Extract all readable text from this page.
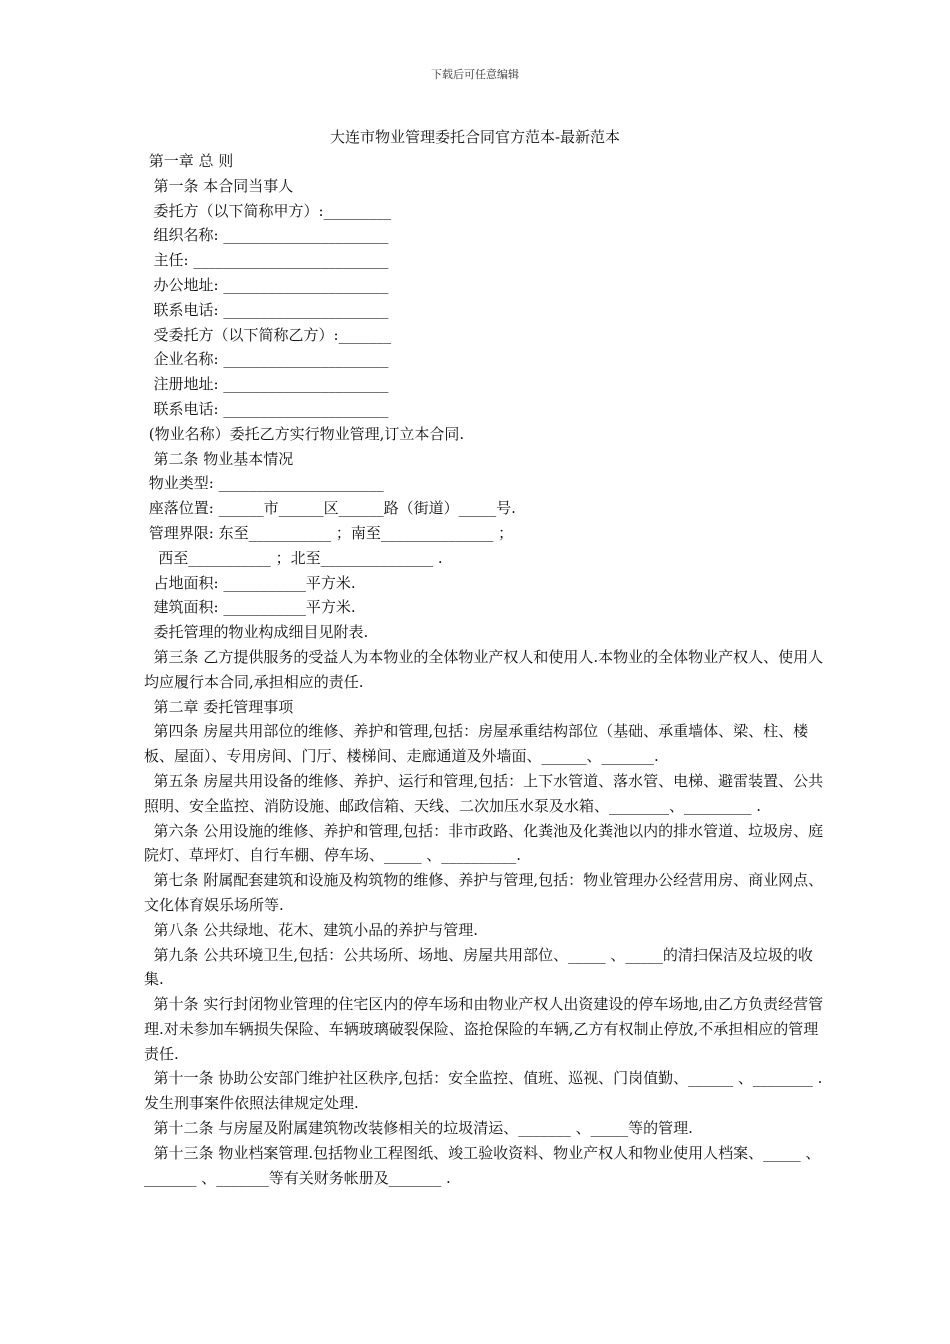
下载后可任意编辑
大连市物业管理委托合同官方范本-最新范本
第一章 总 则
第一条 本合同当事人
委托方（以下简称甲方）:_________
组织名称: ______________________
主任: __________________________
办公地址: ______________________
联系电话: ______________________
受委托方（以下简称乙方）:_______
企业名称: ______________________
注册地址: ______________________
联系电话: ______________________
(物业名称）委托乙方实行物业管理,订立本合同.
第二条 物业基本情况
物业类型: ______________________
座落位置: ______市______区______路（街道）_____号.
管理界限: 东至___________ ；南至_______________ ；
西至___________ ；北至_______________ .
占地面积: ___________平方米.
建筑面积: ___________平方米.
委托管理的物业构成细目见附表.
第三条 乙方提供服务的受益人为本物业的全体物业产权人和使用人.本物业的全体物业产权人、使用人均应履行本合同,承担相应的责任.
第二章 委托管理事项
第四条 房屋共用部位的维修、养护和管理,包括：房屋承重结构部位（基础、承重墙体、梁、柱、楼板、屋面）、专用房间、门厅、楼梯间、走廊通道及外墙面、______、_______.
第五条 房屋共用设备的维修、养护、运行和管理,包括：上下水管道、落水管、电梯、避雷装置、公共照明、安全监控、消防设施、邮政信箱、天线、二次加压水泵及水箱、________、_________ .
第六条 公用设施的维修、养护和管理,包括：非市政路、化粪池及化粪池以内的排水管道、垃圾房、庭院灯、草坪灯、自行车棚、停车场、_____ 、__________.
第七条 附属配套建筑和设施及构筑物的维修、养护与管理,包括：物业管理办公经营用房、商业网点、文化体育娱乐场所等.
第八条 公共绿地、花木、建筑小品的养护与管理.
第九条 公共环境卫生,包括：公共场所、场地、房屋共用部位、_____ 、_____的清扫保洁及垃圾的收集.
第十条 实行封闭物业管理的住宅区内的停车场和由物业产权人出资建设的停车场地,由乙方负责经营管理.对未参加车辆损失保险、车辆玻璃破裂保险、盗抢保险的车辆,乙方有权制止停放,不承担相应的管理责任.
第十一条 协助公安部门维护社区秩序,包括：安全监控、值班、巡视、门岗值勤、______ 、________ .发生刑事案件依照法律规定处理.
第十二条 与房屋及附属建筑物改装修相关的垃圾清运、_______ 、_____等的管理.
第十三条 物业档案管理.包括物业工程图纸、竣工验收资料、物业产权人和物业使用人档案、_____ 、_______ 、_______等有关财务帐册及_______ .
